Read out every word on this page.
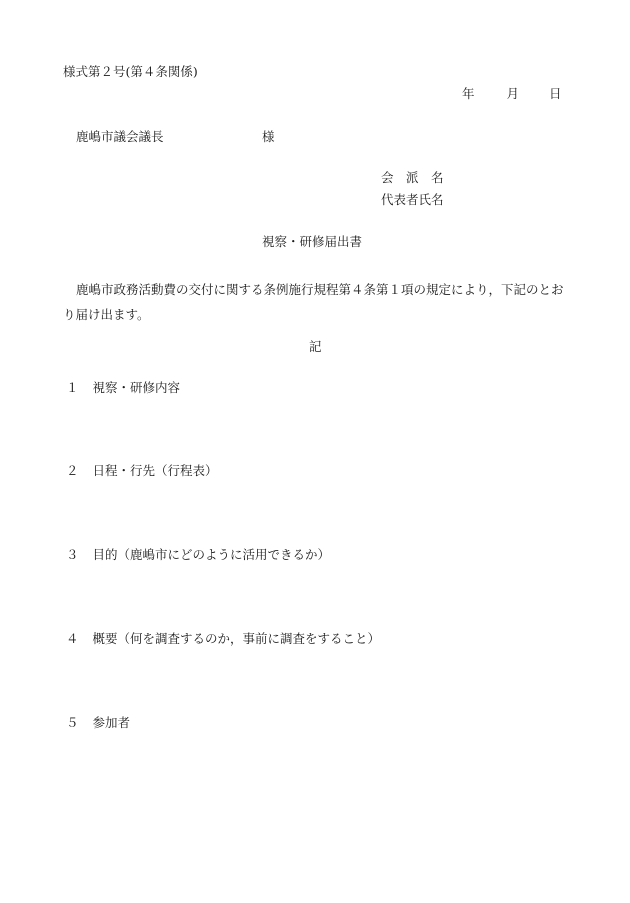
様式第２号(第４条関係)
年	月 日
鹿嶋市議会議長	様
会　派　名
代表者氏名
視察・研修届出書
鹿嶋市政務活動費の交付に関する条例施行規程第４条第１項の規定により，下記のとおり届け出ます。
記
１ 視察・研修内容
２ 日程・行先（行程表）
３ 目的（鹿嶋市にどのように活用できるか）
４ 概要（何を調査するのか，事前に調査をすること）
５ 参加者
